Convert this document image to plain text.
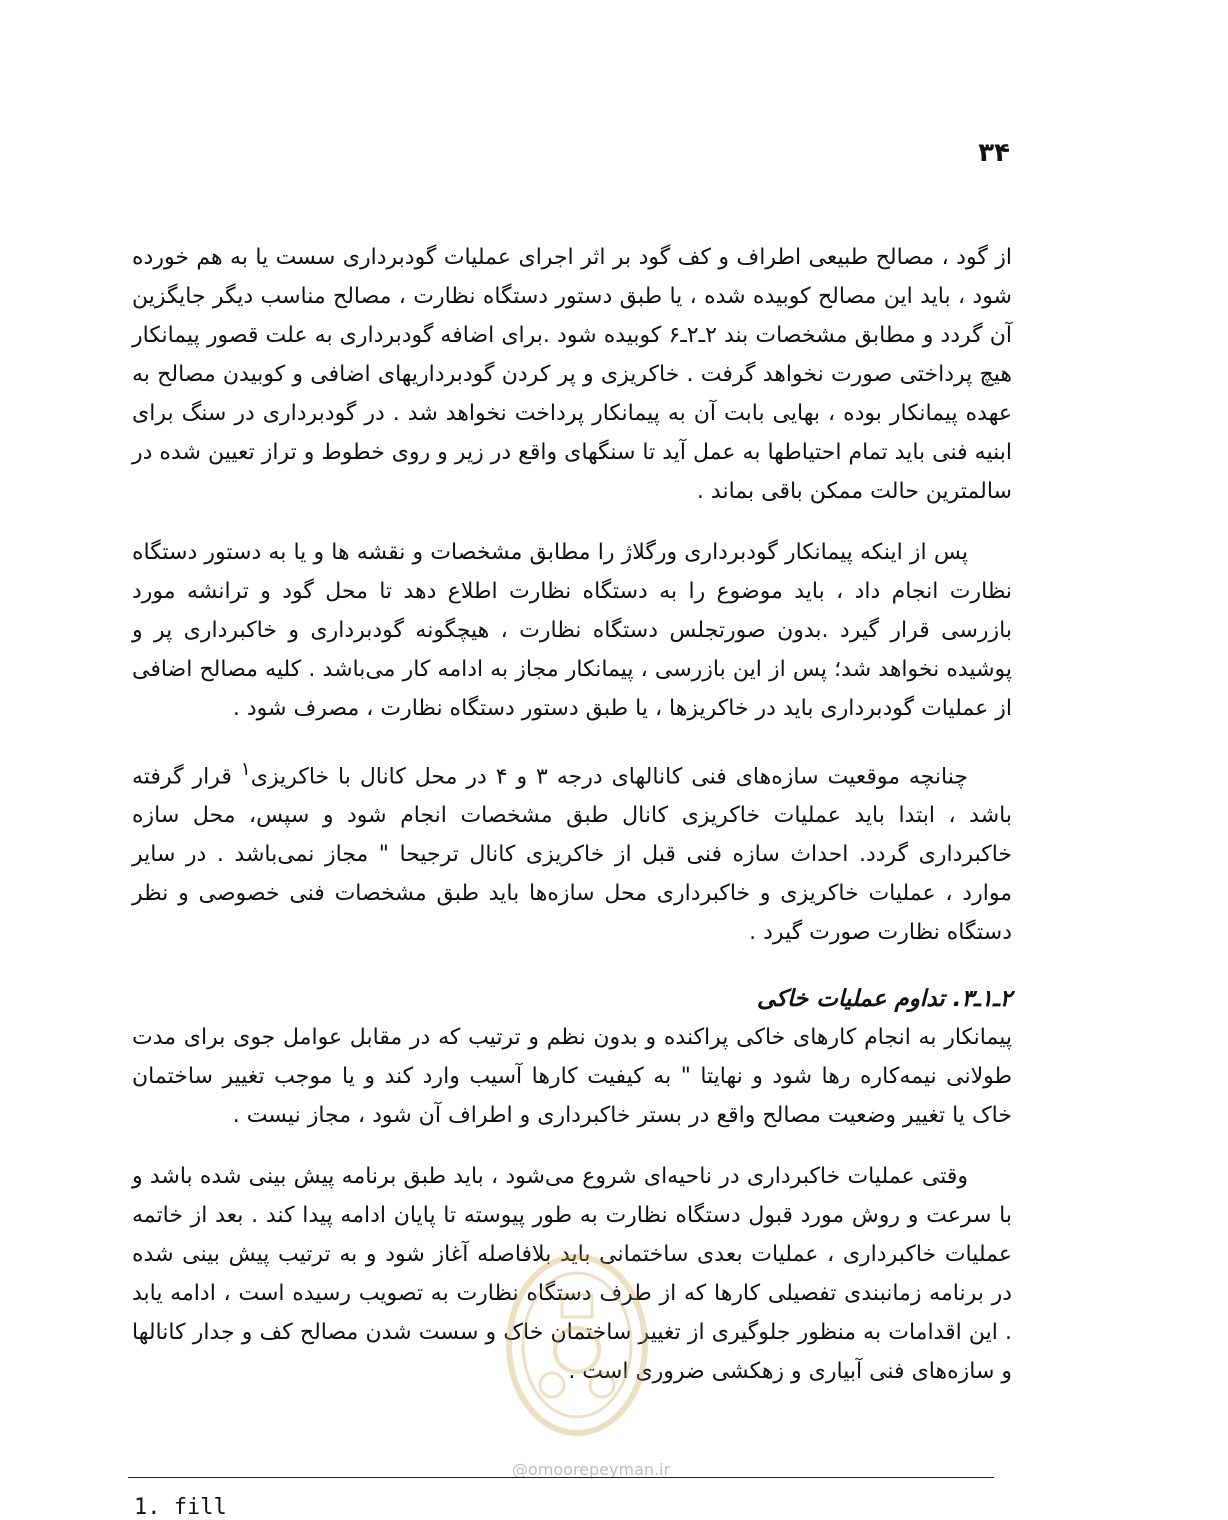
۳۴

از گود ، مصالح طبیعی اطراف و کف گود بر اثر اجرای عملیات گودبرداری سست یا به هم خورده شود ، باید این مصالح کوبیده شده ، یا طبق دستور دستگاه نظارت ، مصالح مناسب دیگر جایگزین آن گردد و مطابق مشخصات بند ۲ـ۲ـ۶ کوبیده شود .برای اضافه گودبرداری به علت قصور پیمانکار هیچ پرداختی صورت نخواهد گرفت . خاکریزی و پر کردن گودبرداریهای اضافی و کوبیدن مصالح به عهده پیمانکار بوده ، بهایی بابت آن به پیمانکار پرداخت نخواهد شد . در گودبرداری در سنگ برای ابنیه فنی باید تمام احتیاطها به عمل آید تا سنگهای واقع در زیر و روی خطوط و تراز تعیین شده در سالمترین حالت ممکن باقی بماند .

پس از اینکه پیمانکار گودبرداری ورگلاژ را مطابق مشخصات و نقشه ها و یا به دستور دستگاه نظارت انجام داد ، باید موضوع را به دستگاه نظارت اطلاع دهد تا محل گود و ترانشه مورد بازرسی قرار گیرد .بدون صورتجلس دستگاه نظارت ، هیچگونه گودبرداری و خاکبرداری پر و پوشیده نخواهد شد؛ پس از این بازرسی ، پیمانکار مجاز به ادامه کار می‌باشد . کلیه مصالح اضافی از عملیات گودبرداری باید در خاکریزها ، یا طبق دستور دستگاه نظارت ، مصرف شود .

چنانچه موقعیت سازه‌های فنی کانالهای درجه ۳ و ۴ در محل کانال با خاکریزی$^۱$ قرار گرفته باشد ، ابتدا باید عملیات خاکریزی کانال طبق مشخصات انجام شود و سپس، محل سازه خاکبرداری گردد. احداث سازه فنی قبل از خاکریزی کانال ترجیحا " مجاز نمی‌باشد . در سایر موارد ، عملیات خاکریزی و خاکبرداری محل سازه‌ها باید طبق مشخصات فنی خصوصی و نظر دستگاه نظارت صورت گیرد .

۲ـ۱ـ۳. تداوم عملیات خاکی

پیمانکار به انجام کارهای خاکی پراکنده و بدون نظم و ترتیب که در مقابل عوامل جوی برای مدت طولانی نیمه‌کاره رها شود و نهایتا " به کیفیت کارها آسیب وارد کند و یا موجب تغییر ساختمان خاک یا تغییر وضعیت مصالح واقع در بستر خاکبرداری و اطراف آن شود ، مجاز نیست .

وقتی عملیات خاکبرداری در ناحیه‌ای شروع می‌شود ، باید طبق برنامه پیش بینی شده باشد و با سرعت و روش مورد قبول دستگاه نظارت به طور پیوسته تا پایان ادامه پیدا کند . بعد از خاتمه عملیات خاکبرداری ، عملیات بعدی ساختمانی باید بلافاصله آغاز شود و به ترتیب پیش بینی شده در برنامه زمانبندی تفصیلی کارها که از طرف دستگاه نظارت به تصویب رسیده است ، ادامه یابد . این اقدامات به منظور جلوگیری از تغییر ساختمان خاک و سست شدن مصالح کف و جدار کانالها و سازه‌های فنی آبیاری و زهکشی ضروری است .

@omoorepeyman.ir
1. fill
